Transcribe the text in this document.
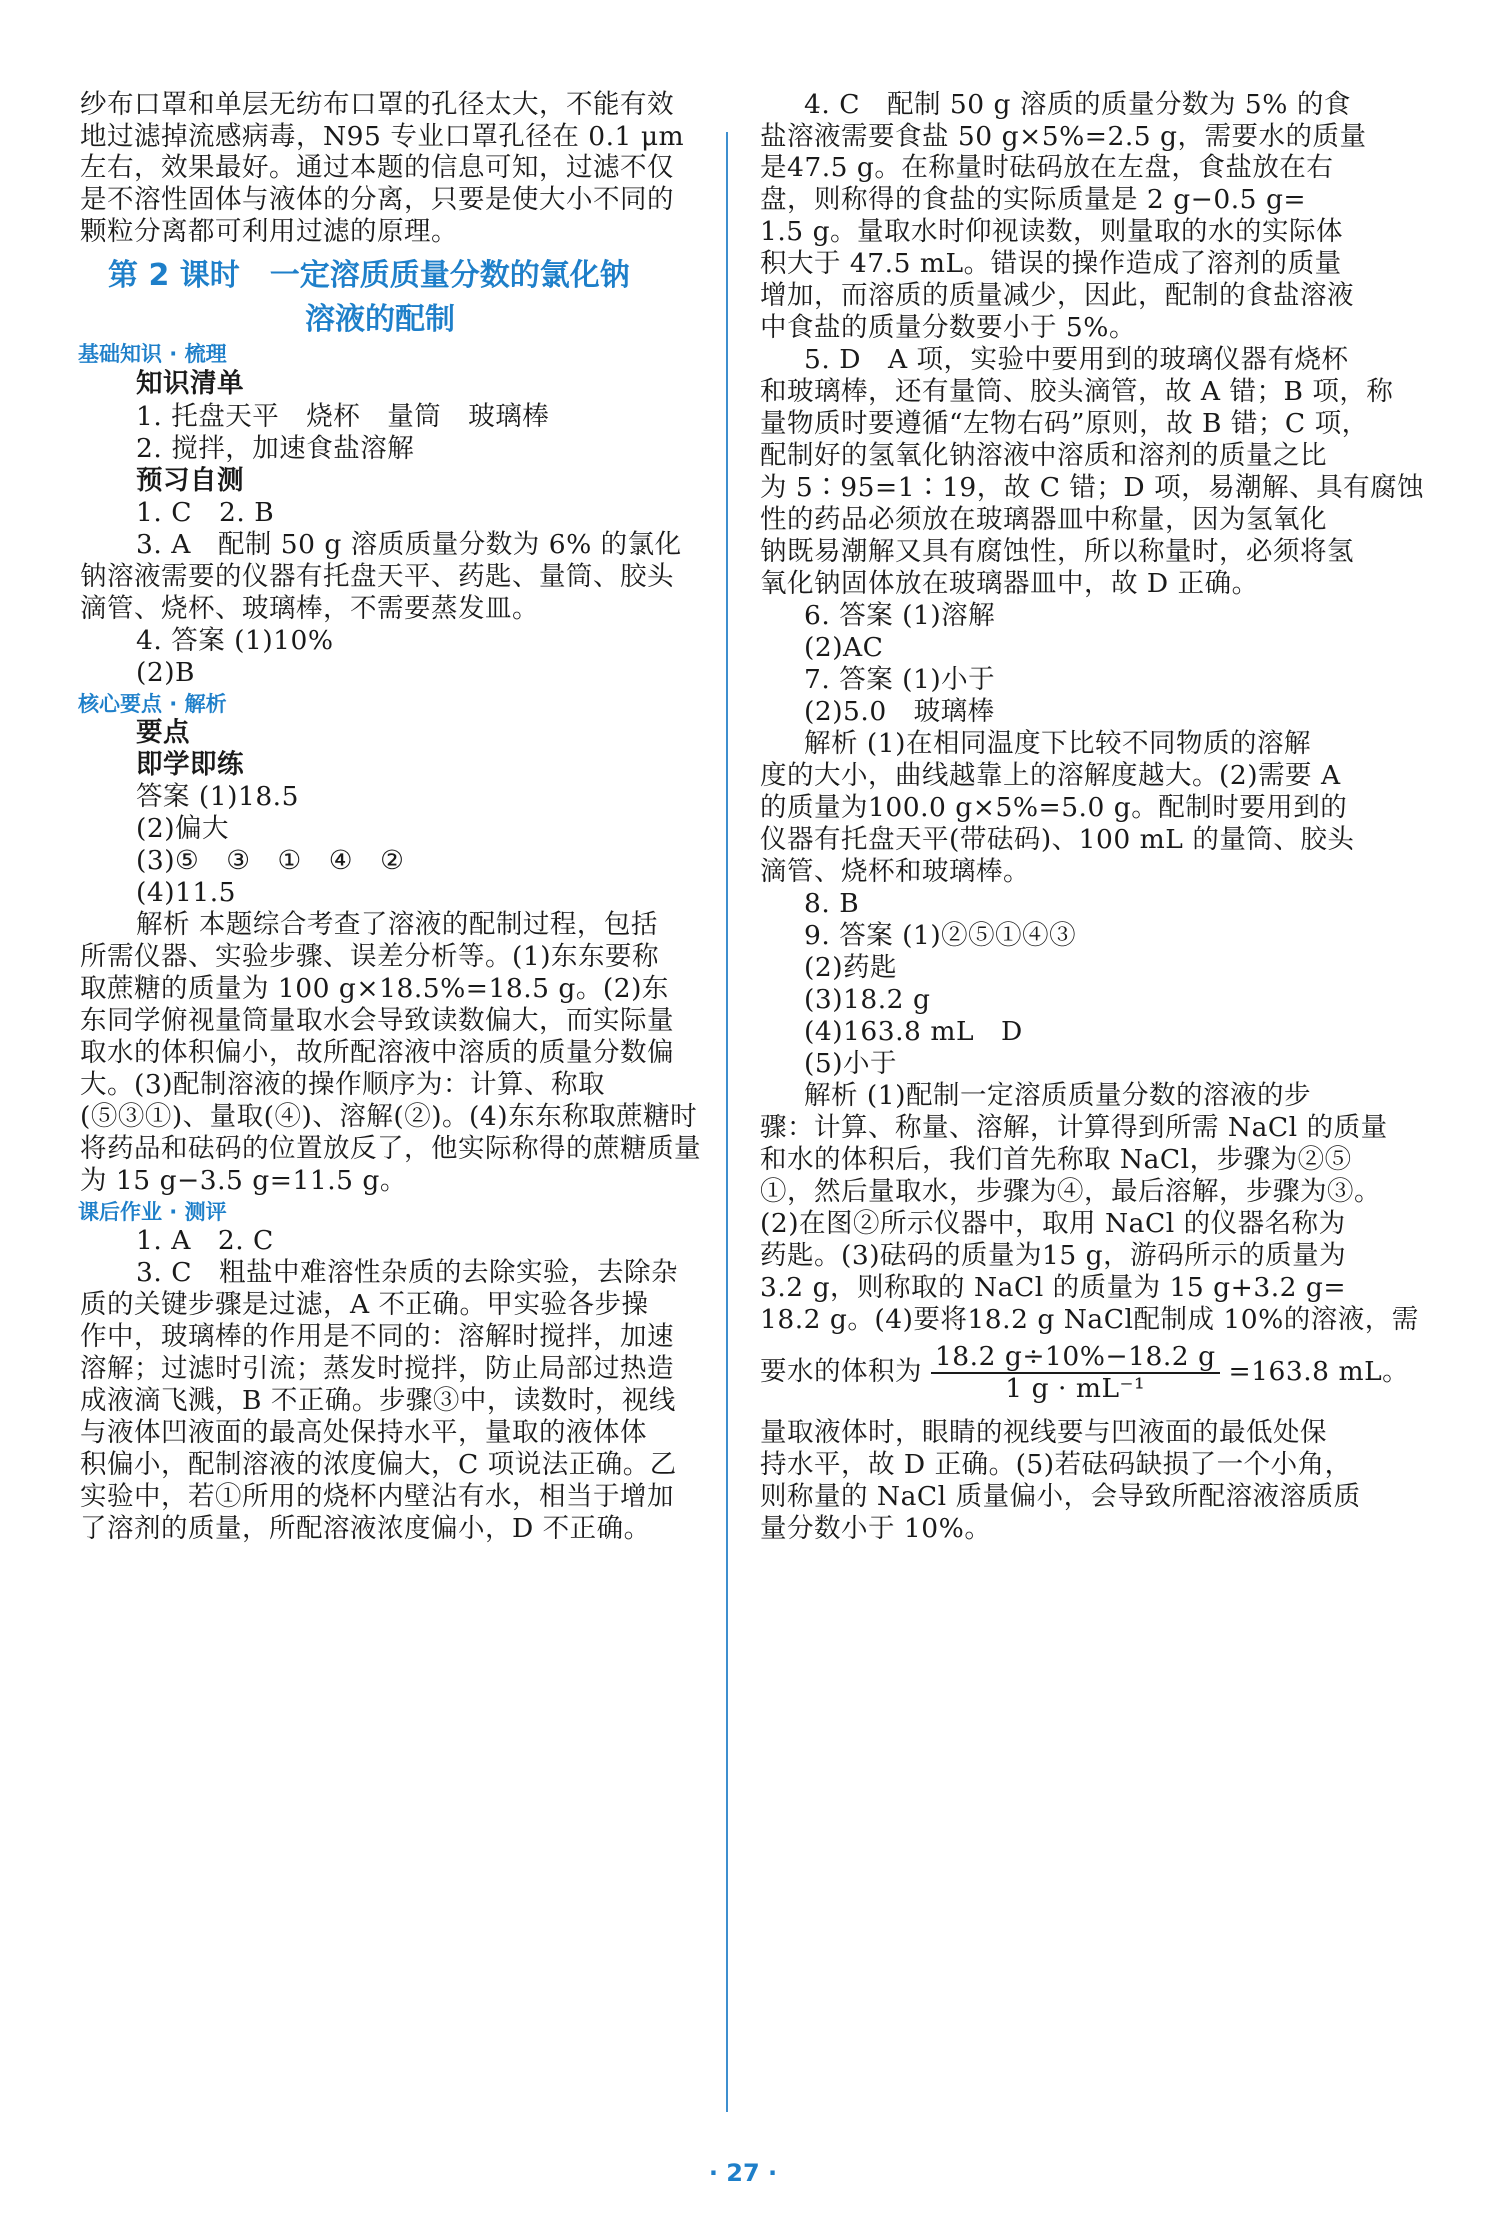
纱布口罩和单层无纺布口罩的孔径太大，不能有效
地过滤掉流感病毒，N95 专业口罩孔径在 0.1 μm
左右，效果最好。通过本题的信息可知，过滤不仅
是不溶性固体与液体的分离，只要是使大小不同的
颗粒分离都可利用过滤的原理。
第 2 课时　一定溶质质量分数的氯化钠
溶液的配制
基础知识 · 梳理
知识清单
1. 托盘天平　烧杯　量筒　玻璃棒
2. 搅拌，加速食盐溶解
预习自测
1. C　2. B
3. A　配制 50 g 溶质质量分数为 6% 的氯化
钠溶液需要的仪器有托盘天平、药匙、量筒、胶头
滴管、烧杯、玻璃棒，不需要蒸发皿。
4. 答案 (1)10%
(2)B
核心要点 · 解析
要点
即学即练
答案 (1)18.5
(2)偏大
(3)⑤　③　①　④　②
(4)11.5
解析 本题综合考查了溶液的配制过程，包括
所需仪器、实验步骤、误差分析等。(1)东东要称
取蔗糖的质量为 100 g×18.5%=18.5 g。(2)东
东同学俯视量筒量取水会导致读数偏大，而实际量
取水的体积偏小，故所配溶液中溶质的质量分数偏
大。(3)配制溶液的操作顺序为：计算、称取
(⑤③①)、量取(④)、溶解(②)。(4)东东称取蔗糖时
将药品和砝码的位置放反了，他实际称得的蔗糖质量
为 15 g−3.5 g=11.5 g。
课后作业 · 测评
1. A　2. C
3. C　粗盐中难溶性杂质的去除实验，去除杂
质的关键步骤是过滤，A 不正确。甲实验各步操
作中，玻璃棒的作用是不同的：溶解时搅拌，加速
溶解；过滤时引流；蒸发时搅拌，防止局部过热造
成液滴飞溅，B 不正确。步骤③中，读数时，视线
与液体凹液面的最高处保持水平，量取的液体体
积偏小，配制溶液的浓度偏大，C 项说法正确。乙
实验中，若①所用的烧杯内壁沾有水，相当于增加
了溶剂的质量，所配溶液浓度偏小，D 不正确。
4. C　配制 50 g 溶质的质量分数为 5% 的食
盐溶液需要食盐 50 g×5%=2.5 g，需要水的质量
是47.5 g。在称量时砝码放在左盘，食盐放在右
盘，则称得的食盐的实际质量是 2 g−0.5 g=
1.5 g。量取水时仰视读数，则量取的水的实际体
积大于 47.5 mL。错误的操作造成了溶剂的质量
增加，而溶质的质量减少，因此，配制的食盐溶液
中食盐的质量分数要小于 5%。
5. D　A 项，实验中要用到的玻璃仪器有烧杯
和玻璃棒，还有量筒、胶头滴管，故 A 错；B 项，称
量物质时要遵循“左物右码”原则，故 B 错；C 项，
配制好的氢氧化钠溶液中溶质和溶剂的质量之比
为 5∶95=1∶19，故 C 错；D 项，易潮解、具有腐蚀
性的药品必须放在玻璃器皿中称量，因为氢氧化
钠既易潮解又具有腐蚀性，所以称量时，必须将氢
氧化钠固体放在玻璃器皿中，故 D 正确。
6. 答案 (1)溶解
(2)AC
7. 答案 (1)小于
(2)5.0　玻璃棒
解析 (1)在相同温度下比较不同物质的溶解
度的大小，曲线越靠上的溶解度越大。(2)需要 A
的质量为100.0 g×5%=5.0 g。配制时要用到的
仪器有托盘天平(带砝码)、100 mL 的量筒、胶头
滴管、烧杯和玻璃棒。
8. B
9. 答案 (1)②⑤①④③
(2)药匙
(3)18.2 g
(4)163.8 mL　D
(5)小于
解析 (1)配制一定溶质质量分数的溶液的步
骤：计算、称量、溶解，计算得到所需 NaCl 的质量
和水的体积后，我们首先称取 NaCl，步骤为②⑤
①，然后量取水，步骤为④，最后溶解，步骤为③。
(2)在图②所示仪器中，取用 NaCl 的仪器名称为
药匙。(3)砝码的质量为15 g，游码所示的质量为
3.2 g，则称取的 NaCl 的质量为 15 g+3.2 g=
18.2 g。(4)要将18.2 g NaCl配制成 10%的溶液，需
要水的体积为 $\frac{18.2 g\div 10\%-18.2 g}{\text{1 g · mL⁻¹}} =163.8$ mL。
量取液体时，眼睛的视线要与凹液面的最低处保
持水平，故 D 正确。(5)若砝码缺损了一个小角，
则称量的 NaCl 质量偏小，会导致所配溶液溶质质
量分数小于 10%。
· 27 ·
